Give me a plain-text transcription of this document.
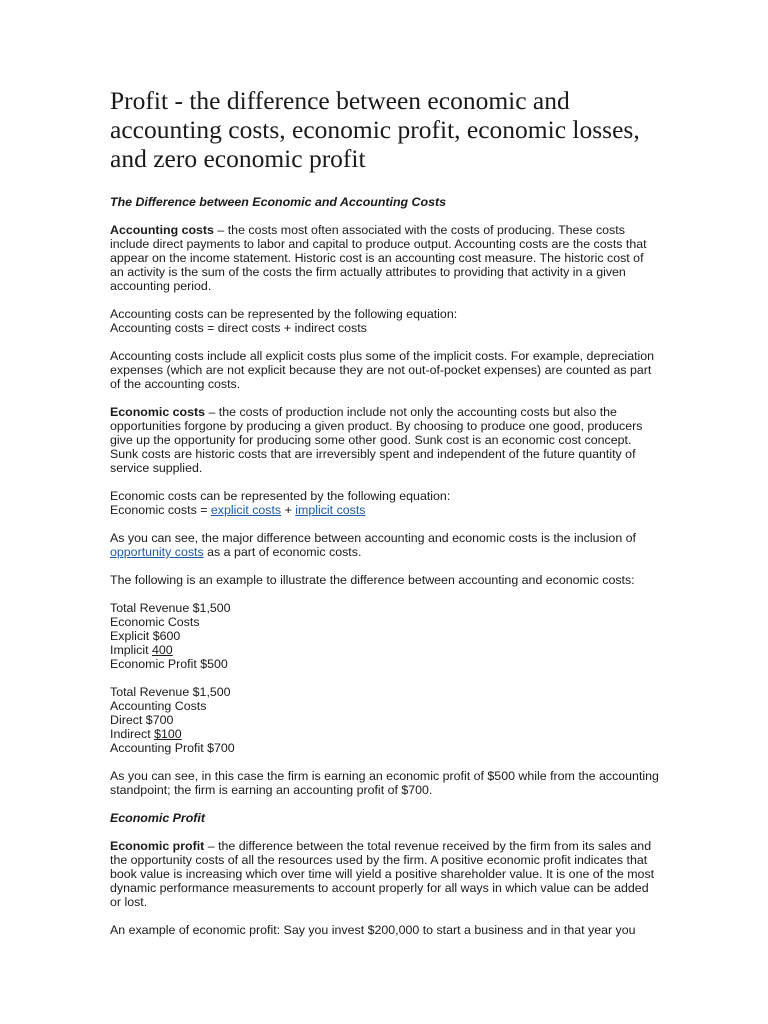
Profit - the difference between economic and accounting costs, economic profit, economic losses, and zero economic profit
The Difference between Economic and Accounting Costs

Accounting costs – the costs most often associated with the costs of producing. These costs include direct payments to labor and capital to produce output. Accounting costs are the costs that appear on the income statement. Historic cost is an accounting cost measure. The historic cost of an activity is the sum of the costs the firm actually attributes to providing that activity in a given accounting period.

Accounting costs can be represented by the following equation:
Accounting costs = direct costs + indirect costs

Accounting costs include all explicit costs plus some of the implicit costs. For example, depreciation expenses (which are not explicit because they are not out-of-pocket expenses) are counted as part of the accounting costs.

Economic costs – the costs of production include not only the accounting costs but also the opportunities forgone by producing a given product. By choosing to produce one good, producers give up the opportunity for producing some other good. Sunk cost is an economic cost concept. Sunk costs are historic costs that are irreversibly spent and independent of the future quantity of service supplied.

Economic costs can be represented by the following equation:
Economic costs = explicit costs + implicit costs

As you can see, the major difference between accounting and economic costs is the inclusion of opportunity costs as a part of economic costs.

The following is an example to illustrate the difference between accounting and economic costs:

Total Revenue $1,500
Economic Costs
Explicit $600
Implicit 400
Economic Profit $500

Total Revenue $1,500
Accounting Costs
Direct $700
Indirect $100
Accounting Profit $700

As you can see, in this case the firm is earning an economic profit of $500 while from the accounting standpoint; the firm is earning an accounting profit of $700.

Economic Profit

Economic profit – the difference between the total revenue received by the firm from its sales and the opportunity costs of all the resources used by the firm. A positive economic profit indicates that book value is increasing which over time will yield a positive shareholder value. It is one of the most dynamic performance measurements to account properly for all ways in which value can be added or lost.

An example of economic profit: Say you invest $200,000 to start a business and in that year you
